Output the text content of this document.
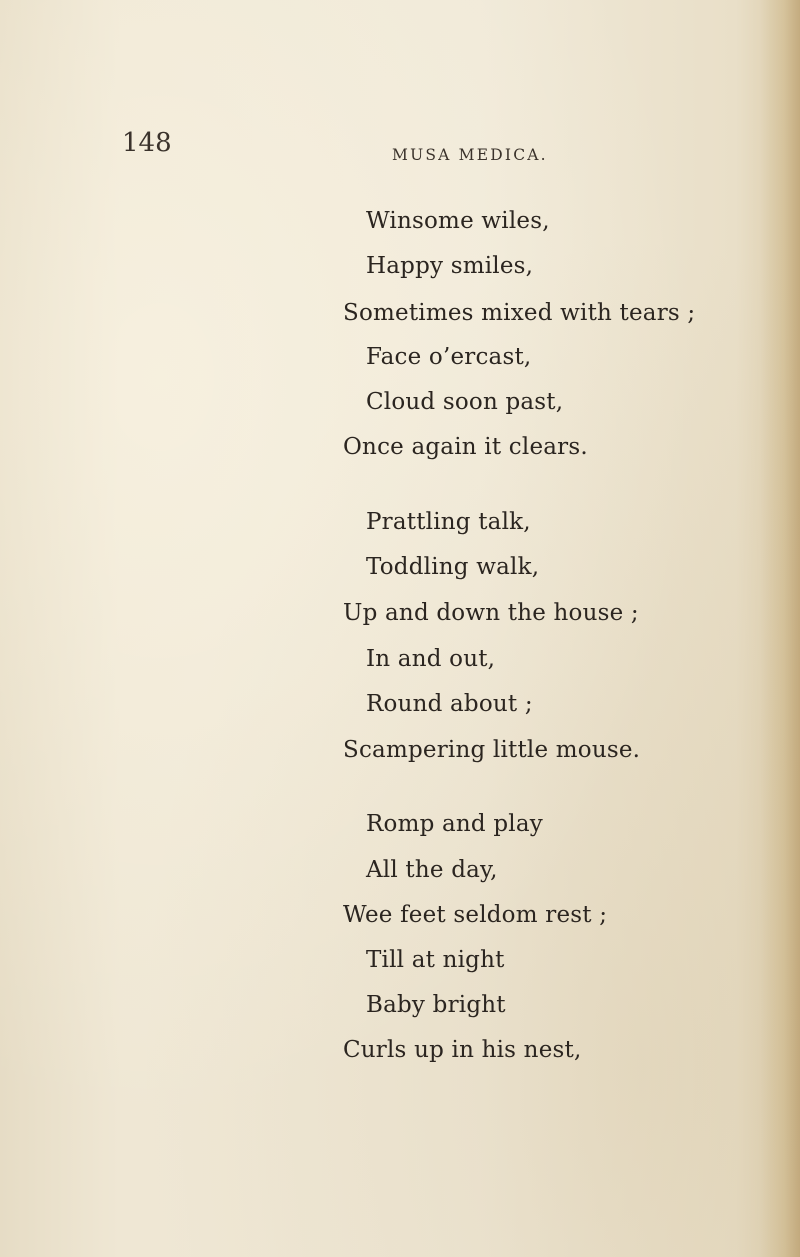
148	MUSA MEDICA.
Winsome wiles,
Happy smiles,
Sometimes mixed with tears ;
Face o’ercast,
Cloud soon past,
Once again it clears.
Prattling talk,
Toddling walk,
Up and down the house ;
In and out,
Round about ;
Scampering little mouse.
Romp and play
All the day,
Wee feet seldom rest ;
Till at night
Baby bright
Curls up in his nest,
